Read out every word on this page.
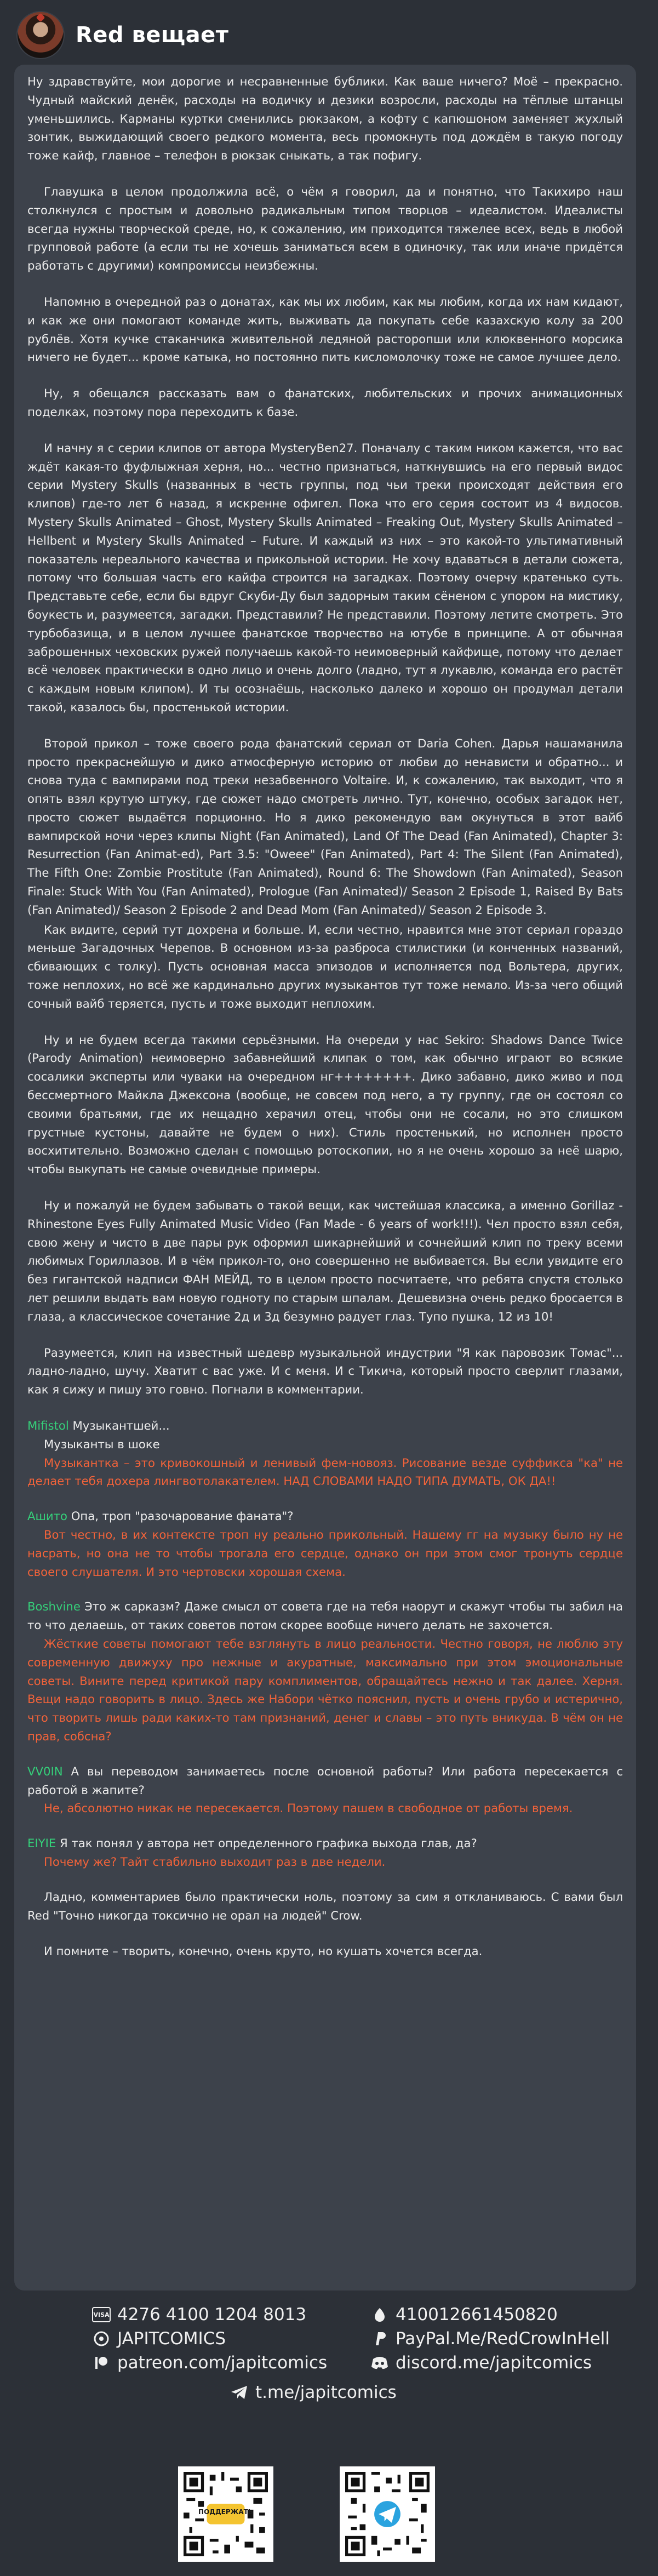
Red вещает

Ну здравствуйте, мои дорогие и несравненные бублики. Как ваше ничего? Моё – прекрасно. Чудный майский денёк, расходы на водичку и дезики возросли, расходы на тёплые штанцы уменьшились. Карманы куртки сменились рюкзаком, а кофту с капюшоном заменяет жухлый зонтик, выжидающий своего редкого момента, весь промокнуть под дождём в такую погоду тоже кайф, главное – телефон в рюкзак сныкать, а так пофигу.

Главушка в целом продолжила всё, о чём я говорил, да и понятно, что Такихиро наш столкнулся с простым и довольно радикальным типом творцов – идеалистом. Идеалисты всегда нужны творческой среде, но, к сожалению, им приходится тяжелее всех, ведь в любой групповой работе (а если ты не хочешь заниматься всем в одиночку, так или иначе придётся работать с другими) компромиссы неизбежны.

Напомню в очередной раз о донатах, как мы их любим, как мы любим, когда их нам кидают, и как же они помогают команде жить, выживать да покупать себе казахскую колу за 200 рублёв. Хотя кучке стаканчика живительной ледяной расторопши или клюквенного морсика ничего не будет... кроме катыка, но постоянно пить кисломолочку тоже не самое лучшее дело.

Ну, я обещался рассказать вам о фанатских, любительских и прочих анимационных поделках, поэтому пора переходить к базе.

И начну я с серии клипов от автора MysteryBen27. Поначалу с таким ником кажется, что вас ждёт какая-то фуфлыжная херня, но... честно признаться, наткнувшись на его первый видос серии Mystery Skulls (названных в честь группы, под чьи треки происходят действия его клипов) где-то лет 6 назад, я искренне офигел. Пока что его серия состоит из 4 видосов. Mystery Skulls Animated – Ghost, Mystery Skulls Animated – Freaking Out, Mystery Skulls Animated – Hellbent и Mystery Skulls Animated – Future. И каждый из них – это какой-то ультимативный показатель нереального качества и прикольной истории. Не хочу вдаваться в детали сюжета, потому что большая часть его кайфа строится на загадках. Поэтому очерчу кратенько суть. Представьте себе, если бы вдруг Скуби-Ду был задорным таким сёненом с упором на мистику, боукесть и, разумеется, загадки. Представили? Не представили. Поэтому летите смотреть. Это турбобазища, и в целом лучшее фанатское творчество на ютубе в принципе. А от обычная заброшенных чеховских ружей получаешь какой-то неимоверный кайфище, потому что делает всё человек практически в одно лицо и очень долго (ладно, тут я лукавлю, команда его растёт с каждым новым клипом). И ты осознаёшь, насколько далеко и хорошо он продумал детали такой, казалось бы, простенькой истории.

Второй прикол – тоже своего рода фанатский сериал от Daria Cohen. Дарья нашаманила просто прекраснейшую и дико атмосферную историю от любви до ненависти и обратно... и снова туда с вампирами под треки незабвенного Voltaire. И, к сожалению, так выходит, что я опять взял крутую штуку, где сюжет надо смотреть лично. Тут, конечно, особых загадок нет, просто сюжет выдаётся порционно. Но я дико рекомендую вам окунуться в этот вайб вампирской ночи через клипы Night (Fan Animated), Land Of The Dead (Fan Animated), Chapter 3: Resurrection (Fan Animat-ed), Part 3.5: "Oweee" (Fan Animated), Part 4: The Silent (Fan Animated), The Fifth One: Zombie Prostitute (Fan Animated), Round 6: The Showdown (Fan Animated), Season Finale: Stuck With You (Fan Animated), Prologue (Fan Animated)/ Season 2 Episode 1, Raised By Bats (Fan Animated)/ Season 2 Episode 2 and Dead Mom (Fan Animated)/ Season 2 Episode 3.

Как видите, серий тут дохрена и больше. И, если честно, нравится мне этот сериал гораздо меньше Загадочных Черепов. В основном из-за разброса стилистики (и конченных названий, сбивающих с толку). Пусть основная масса эпизодов и исполняется под Вольтера, других, тоже неплохих, но всё же кардинально других музыкантов тут тоже немало. Из-за чего общий сочный вайб теряется, пусть и тоже выходит неплохим.

Ну и не будем всегда такими серьёзными. На очереди у нас Sekiro: Shadows Dance Twice (Parody Animation) неимоверно забавнейший клипак о том, как обычно играют во всякие сосалики эксперты или чуваки на очередном нг++++++++. Дико забавно, дико живо и под бессмертного Майкла Джексона (вообще, не совсем под него, а ту группу, где он состоял со своими братьями, где их нещадно херачил отец, чтобы они не сосали, но это слишком грустные кустоны, давайте не будем о них). Стиль простенький, но исполнен просто восхитительно. Возможно сделан с помощью ротоскопии, но я не очень хорошо за неё шарю, чтобы выкупать не самые очевидные примеры.

Ну и пожалуй не будем забывать о такой вещи, как чистейшая классика, а именно Gorillaz - Rhinestone Eyes Fully Animated Music Video (Fan Made - 6 years of work!!!). Чел просто взял себя, свою жену и чисто в две пары рук оформил шикарнейший и сочнейший клип по треку всеми любимых Гориллазов. И в чём прикол-то, оно совершенно не выбивается. Вы если увидите его без гигантской надписи ФАН МЕЙД, то в целом просто посчитаете, что ребята спустя столько лет решили выдать вам новую годноту по старым шпалам. Дешевизна очень редко бросается в глаза, а классическое сочетание 2д и 3д безумно радует глаз. Тупо пушка, 12 из 10!

Разумеется, клип на известный шедевр музыкальной индустрии "Я как паровозик Томас"... ладно-ладно, шучу. Хватит с вас уже. И с меня. И с Тикича, который просто сверлит глазами, как я сижу и пишу это говно. Погнали в комментарии.

Mifistol Музыкантшей...
Музыканты в шоке
Музыкантка – это кривокошный и ленивый фем-новояз. Рисование везде суффикса "ка" не делает тебя дохера лингвотолакателем. НАД СЛОВАМИ НАДО ТИПА ДУМАТЬ, ОК ДА!!
Ашито Опа, троп "разочарование фаната"?
Вот честно, в их контексте троп ну реально прикольный. Нашему гг на музыку было ну не насрать, но она не то чтобы трогала его сердце, однако он при этом смог тронуть сердце своего слушателя. И это чертовски хорошая схема.
Boshvine Это ж сарказм? Даже смысл от совета где на тебя наорут и скажут чтобы ты забил на то что делаешь, от таких советов потом скорее вообще ничего делать не захочется.
Жёсткие советы помогают тебе взглянуть в лицо реальности. Честно говоря, не люблю эту современную движуху про нежные и акуратные, максимально при этом эмоциональные советы. Вините перед критикой пару комплиментов, обращайтесь нежно и так далее. Херня. Вещи надо говорить в лицо. Здесь же Набори чётко пояснил, пусть и очень грубо и истерично, что творить лишь ради каких-то там признаний, денег и славы – это путь вникуда. В чём он не прав, собсна?
VV0IN А вы переводом занимаетесь после основной работы? Или работа пересекается с работой в жапите?
Не, абсолютно никак не пересекается. Поэтому пашем в свободное от работы время.
EIYIE Я так понял у автора нет определенного графика выхода глав, да?
Почему же? Тайт стабильно выходит раз в две недели.

Ладно, комментариев было практически ноль, поэтому за сим я откланиваюсь. С вами был Red "Точно никогда токсично не орал на людей" Crow.

И помните – творить, конечно, очень круто, но кушать хочется всегда.

VISA 4276 4100 1204 8013
JAPITCOMICS
patreon.com/japitcomics
410012661450820
PayPal.Me/RedCrowInHell
discord.me/japitcomics
t.me/japitcomics
ПОДДЕРЖАТЬ
